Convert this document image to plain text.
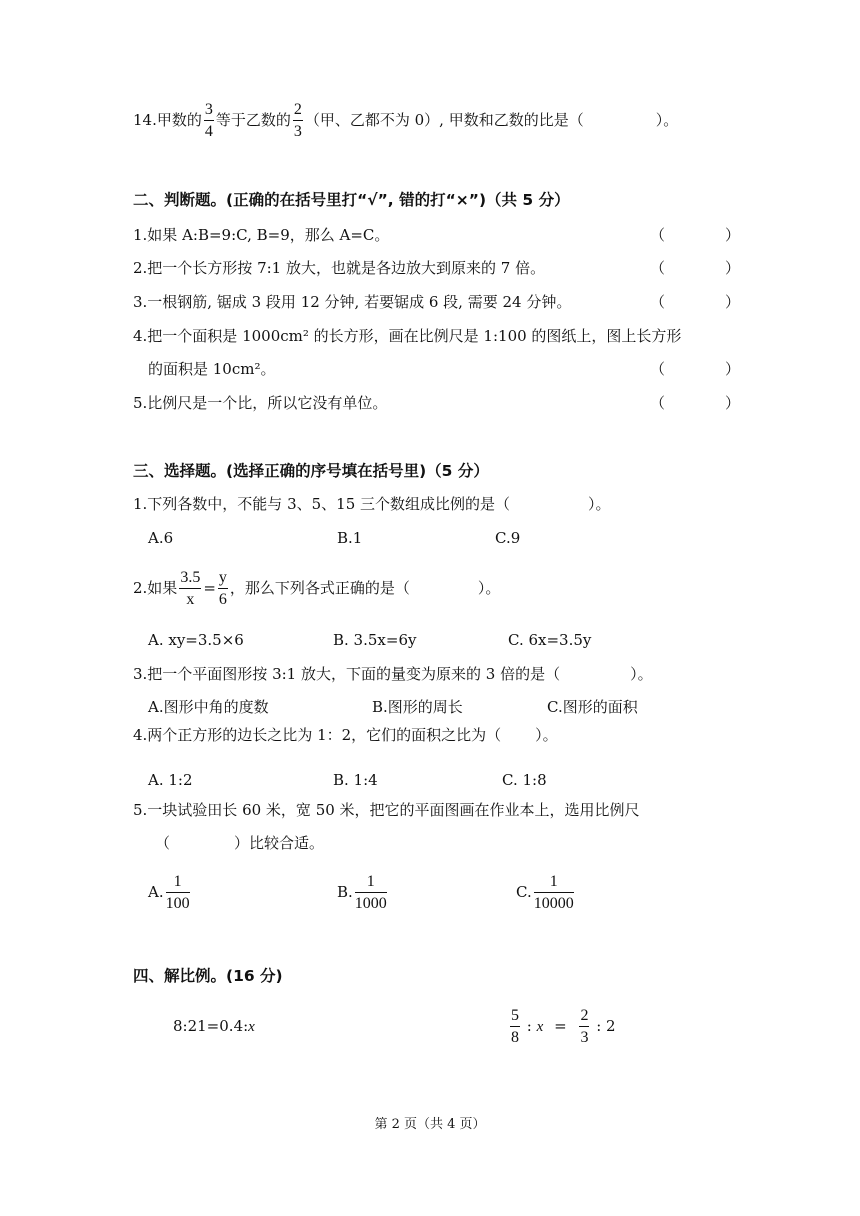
14.甲数的 $\frac{3}{4}$ 等于乙数的 $\frac{2}{3}$ （甲、乙都不为 0）, 甲数和乙数的比是（	）。
二、判断题。(正确的在括号里打“√”, 错的打“×”)（共 5 分）
1.如果 A:B=9:C, B=9，那么 A=C。	（　　　　）
2.把一个长方形按 7:1 放大，也就是各边放大到原来的 7 倍。	（　　　　）
3.一根钢筋, 锯成 3 段用 12 分钟, 若要锯成 6 段, 需要 24 分钟。	（　　　　）
4.把一个面积是 1000cm² 的长方形，画在比例尺是 1:100 的图纸上，图上长方形
的面积是 10cm²。	（　　　　）
5.比例尺是一个比，所以它没有单位。	（　　　　）
三、选择题。(选择正确的序号填在括号里)（5 分）
1.下列各数中，不能与 3、5、15 三个数组成比例的是（	）。
A.6	B.1	C.9
2.如果 $\frac{3.5}{x} = \frac{y}{6}$ ，那么下列各式正确的是（	）。
A. xy=3.5×6	B. 3.5x=6y	C. 6x=3.5y
3.把一个平面图形按 3:1 放大，下面的量变为原来的 3 倍的是（	）。
A.图形中角的度数	B.图形的周长	C.图形的面积
4.两个正方形的边长之比为 1：2，它们的面积之比为（ ）。
A. 1:2	B. 1:4	C. 1:8
5.一块试验田长 60 米，宽 50 米，把它的平面图画在作业本上，选用比例尺
（	）比较合适。
A. $\frac{1}{100}$	B. $\frac{1}{1000}$	C. $\frac{1}{10000}$
四、解比例。(16 分)
8:21=0.4:x	$\frac{5}{8}$ : $x = \frac{2}{3}$ : 2
第 2 页（共 4 页）
